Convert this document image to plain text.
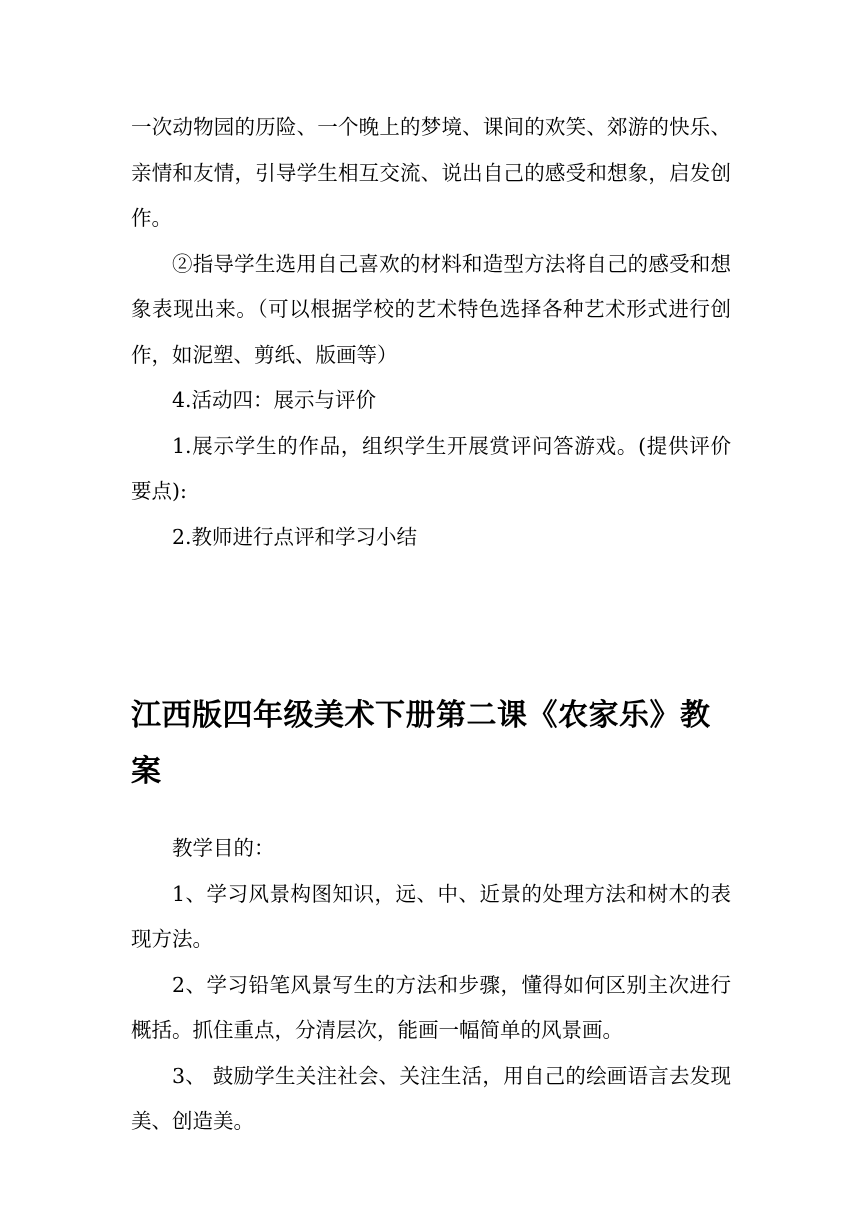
一次动物园的历险、一个晚上的梦境、课间的欢笑、郊游的快乐、亲情和友情，引导学生相互交流、说出自己的感受和想象，启发创作。

②指导学生选用自己喜欢的材料和造型方法将自己的感受和想象表现出来。（可以根据学校的艺术特色选择各种艺术形式进行创作，如泥塑、剪纸、版画等）

4.活动四：展示与评价

1.展示学生的作品，组织学生开展赏评问答游戏。(提供评价要点):

2.教师进行点评和学习小结

江西版四年级美术下册第二课《农家乐》教案

教学目的：

1、学习风景构图知识，远、中、近景的处理方法和树木的表现方法。

2、学习铅笔风景写生的方法和步骤，懂得如何区别主次进行概括。抓住重点，分清层次，能画一幅简单的风景画。

3、 鼓励学生关注社会、关注生活，用自己的绘画语言去发现美、创造美。
